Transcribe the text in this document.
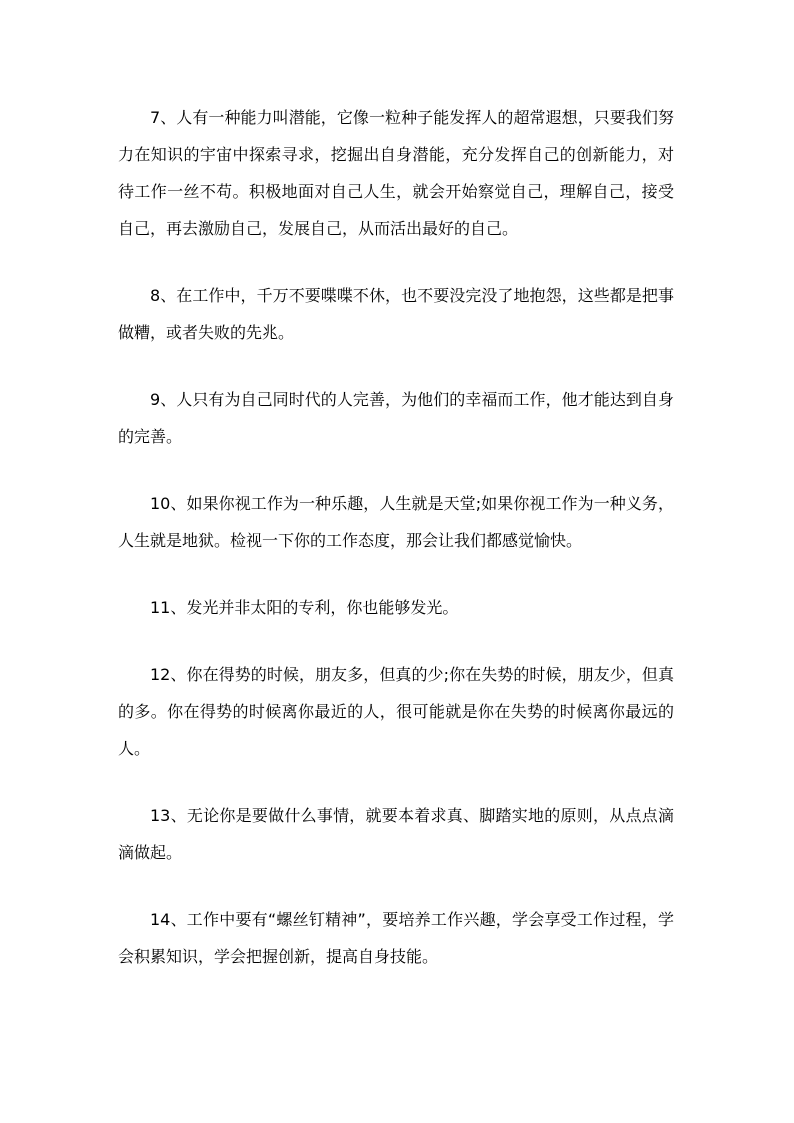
7、人有一种能力叫潜能，它像一粒种子能发挥人的超常遐想，只要我们努力在知识的宇宙中探索寻求，挖掘出自身潜能，充分发挥自己的创新能力，对待工作一丝不苟。积极地面对自己人生，就会开始察觉自己，理解自己，接受自己，再去激励自己，发展自己，从而活出最好的自己。

8、在工作中，千万不要喋喋不休，也不要没完没了地抱怨，这些都是把事做糟，或者失败的先兆。

9、人只有为自己同时代的人完善，为他们的幸福而工作，他才能达到自身的完善。

10、如果你视工作为一种乐趣，人生就是天堂;如果你视工作为一种义务，人生就是地狱。检视一下你的工作态度，那会让我们都感觉愉快。

11、发光并非太阳的专利，你也能够发光。

12、你在得势的时候，朋友多，但真的少;你在失势的时候，朋友少，但真的多。你在得势的时候离你最近的人，很可能就是你在失势的时候离你最远的人。

13、无论你是要做什么事情，就要本着求真、脚踏实地的原则，从点点滴滴做起。

14、工作中要有“螺丝钉精神”，要培养工作兴趣，学会享受工作过程，学会积累知识，学会把握创新，提高自身技能。
